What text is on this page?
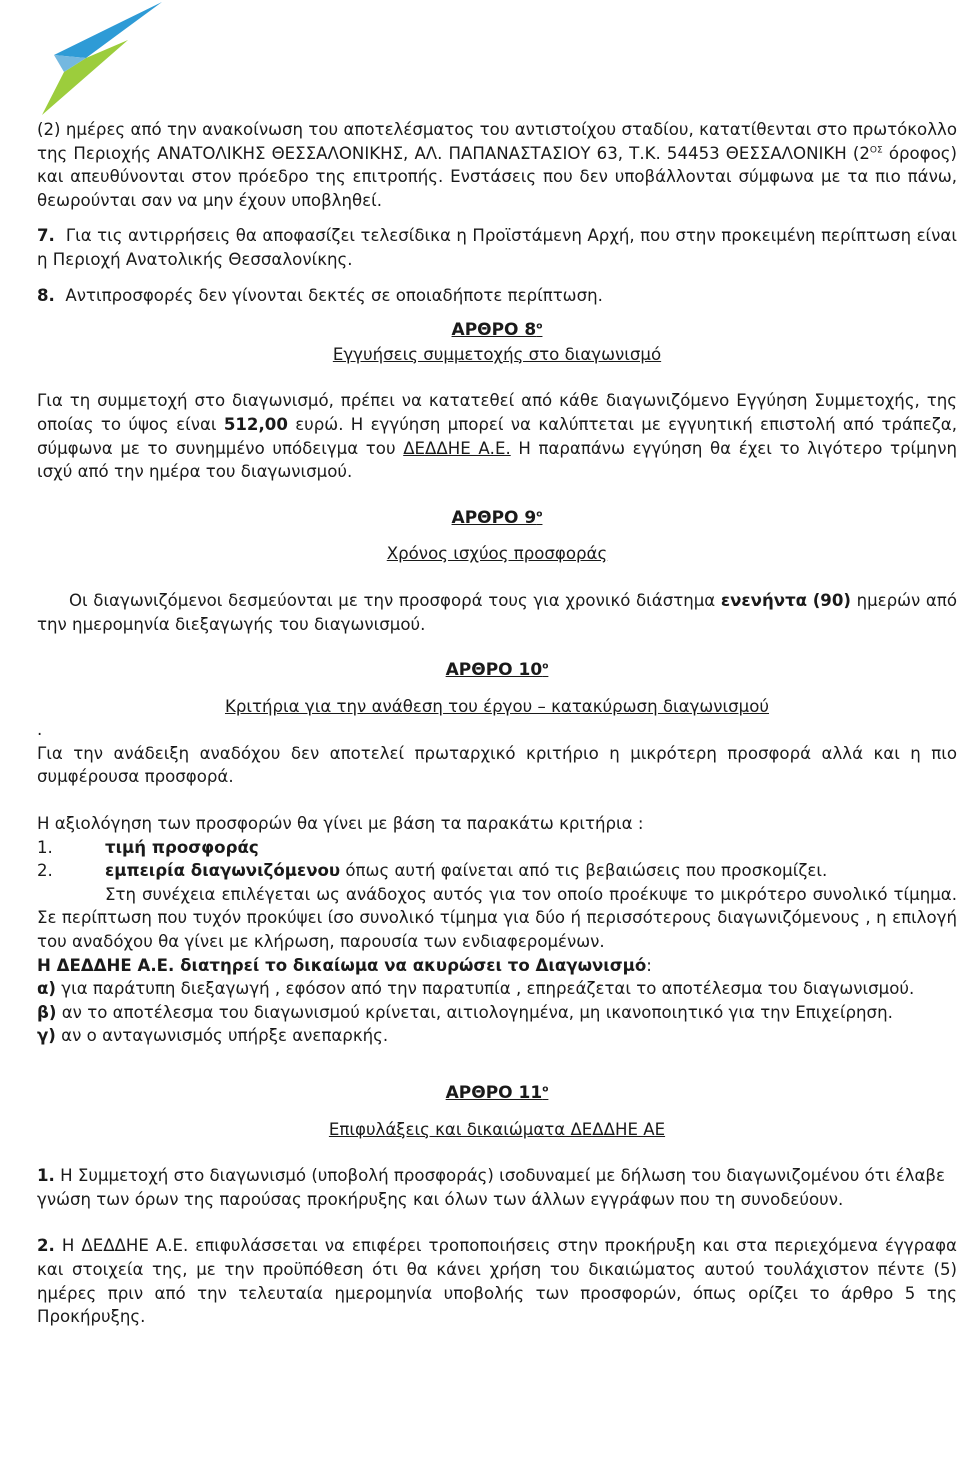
(2) ημέρες από την ανακοίνωση του αποτελέσματος του αντιστοίχου σταδίου, κατατίθενται στο πρωτόκολλο της Περιοχής ΑΝΑΤΟΛΙΚΗΣ ΘΕΣΣΑΛΟΝΙΚΗΣ, ΑΛ. ΠΑΠΑΝΑΣΤΑΣΙΟΥ 63, Τ.Κ. 54453 ΘΕΣΣΑΛΟΝΙΚΗ ($2^{O\Sigma}$ όροφος) και απευθύνονται στον πρόεδρο της επιτροπής. Ενστάσεις που δεν υποβάλλονται σύμφωνα με τα πιο πάνω, θεωρούνται σαν να μην έχουν υποβληθεί.

7. Για τις αντιρρήσεις θα αποφασίζει τελεσίδικα η Προϊστάμενη Αρχή, που στην προκειμένη περίπτωση είναι η Περιοχή Ανατολικής Θεσσαλονίκης.

8. Αντιπροσφορές δεν γίνονται δεκτές σε οποιαδήποτε περίπτωση.

ΑΡΘΡΟ $8^o$

Εγγυήσεις συμμετοχής στο διαγωνισμό

Για τη συμμετοχή στο διαγωνισμό, πρέπει να κατατεθεί από κάθε διαγωνιζόμενο Εγγύηση Συμμετοχής, της οποίας το ύψος είναι 512,00 ευρώ. Η εγγύηση μπορεί να καλύπτεται με εγγυητική επιστολή από τράπεζα, σύμφωνα με το συνημμένο υπόδειγμα του ΔΕΔΔΗΕ Α.Ε. Η παραπάνω εγγύηση θα έχει το λιγότερο τρίμηνη ισχύ από την ημέρα του διαγωνισμού.

ΑΡΘΡΟ $9^o$

Χρόνος ισχύος προσφοράς

Οι διαγωνιζόμενοι δεσμεύονται με την προσφορά τους για χρονικό διάστημα ενενήντα (90) ημερών από την ημερομηνία διεξαγωγής του διαγωνισμού.

ΑΡΘΡΟ $10^o$

Κριτήρια για την ανάθεση του έργου – κατακύρωση διαγωνισμού

.

Για την ανάδειξη αναδόχου δεν αποτελεί πρωταρχικό κριτήριο η μικρότερη προσφορά αλλά και η πιο συμφέρουσα προσφορά.

Η αξιολόγηση των προσφορών θα γίνει με βάση τα παρακάτω κριτήρια :

1.	τιμή προσφοράς

2.	εμπειρία διαγωνιζόμενου όπως αυτή φαίνεται από τις βεβαιώσεις που προσκομίζει.

Στη συνέχεια επιλέγεται ως ανάδοχος αυτός για τον οποίο προέκυψε το μικρότερο συνολικό τίμημα. Σε περίπτωση που τυχόν προκύψει ίσο συνολικό τίμημα για δύο ή περισσότερους διαγωνιζόμενους , η επιλογή του αναδόχου θα γίνει με κλήρωση, παρουσία των ενδιαφερομένων.

Η ΔΕΔΔΗΕ Α.Ε. διατηρεί το δικαίωμα να ακυρώσει το Διαγωνισμό:

α) για παράτυπη διεξαγωγή , εφόσον από την παρατυπία , επηρεάζεται το αποτέλεσμα του διαγωνισμού.

β) αν το αποτέλεσμα του διαγωνισμού κρίνεται, αιτιολογημένα, μη ικανοποιητικό για την Επιχείρηση.

γ) αν ο ανταγωνισμός υπήρξε ανεπαρκής.

ΑΡΘΡΟ $11^o$

Επιφυλάξεις και δικαιώματα ΔΕΔΔΗΕ ΑΕ

1. Η Συμμετοχή στο διαγωνισμό (υποβολή προσφοράς) ισοδυναμεί με δήλωση του διαγωνιζομένου ότι έλαβε γνώση των όρων της παρούσας προκήρυξης και όλων των άλλων εγγράφων που τη συνοδεύουν.

2. Η ΔΕΔΔΗΕ Α.Ε. επιφυλάσσεται να επιφέρει τροποποιήσεις στην προκήρυξη και στα περιεχόμενα έγγραφα και στοιχεία της, με την προϋπόθεση ότι θα κάνει χρήση του δικαιώματος αυτού τουλάχιστον πέντε (5) ημέρες πριν από την τελευταία ημερομηνία υποβολής των προσφορών, όπως ορίζει το άρθρο 5 της Προκήρυξης.
